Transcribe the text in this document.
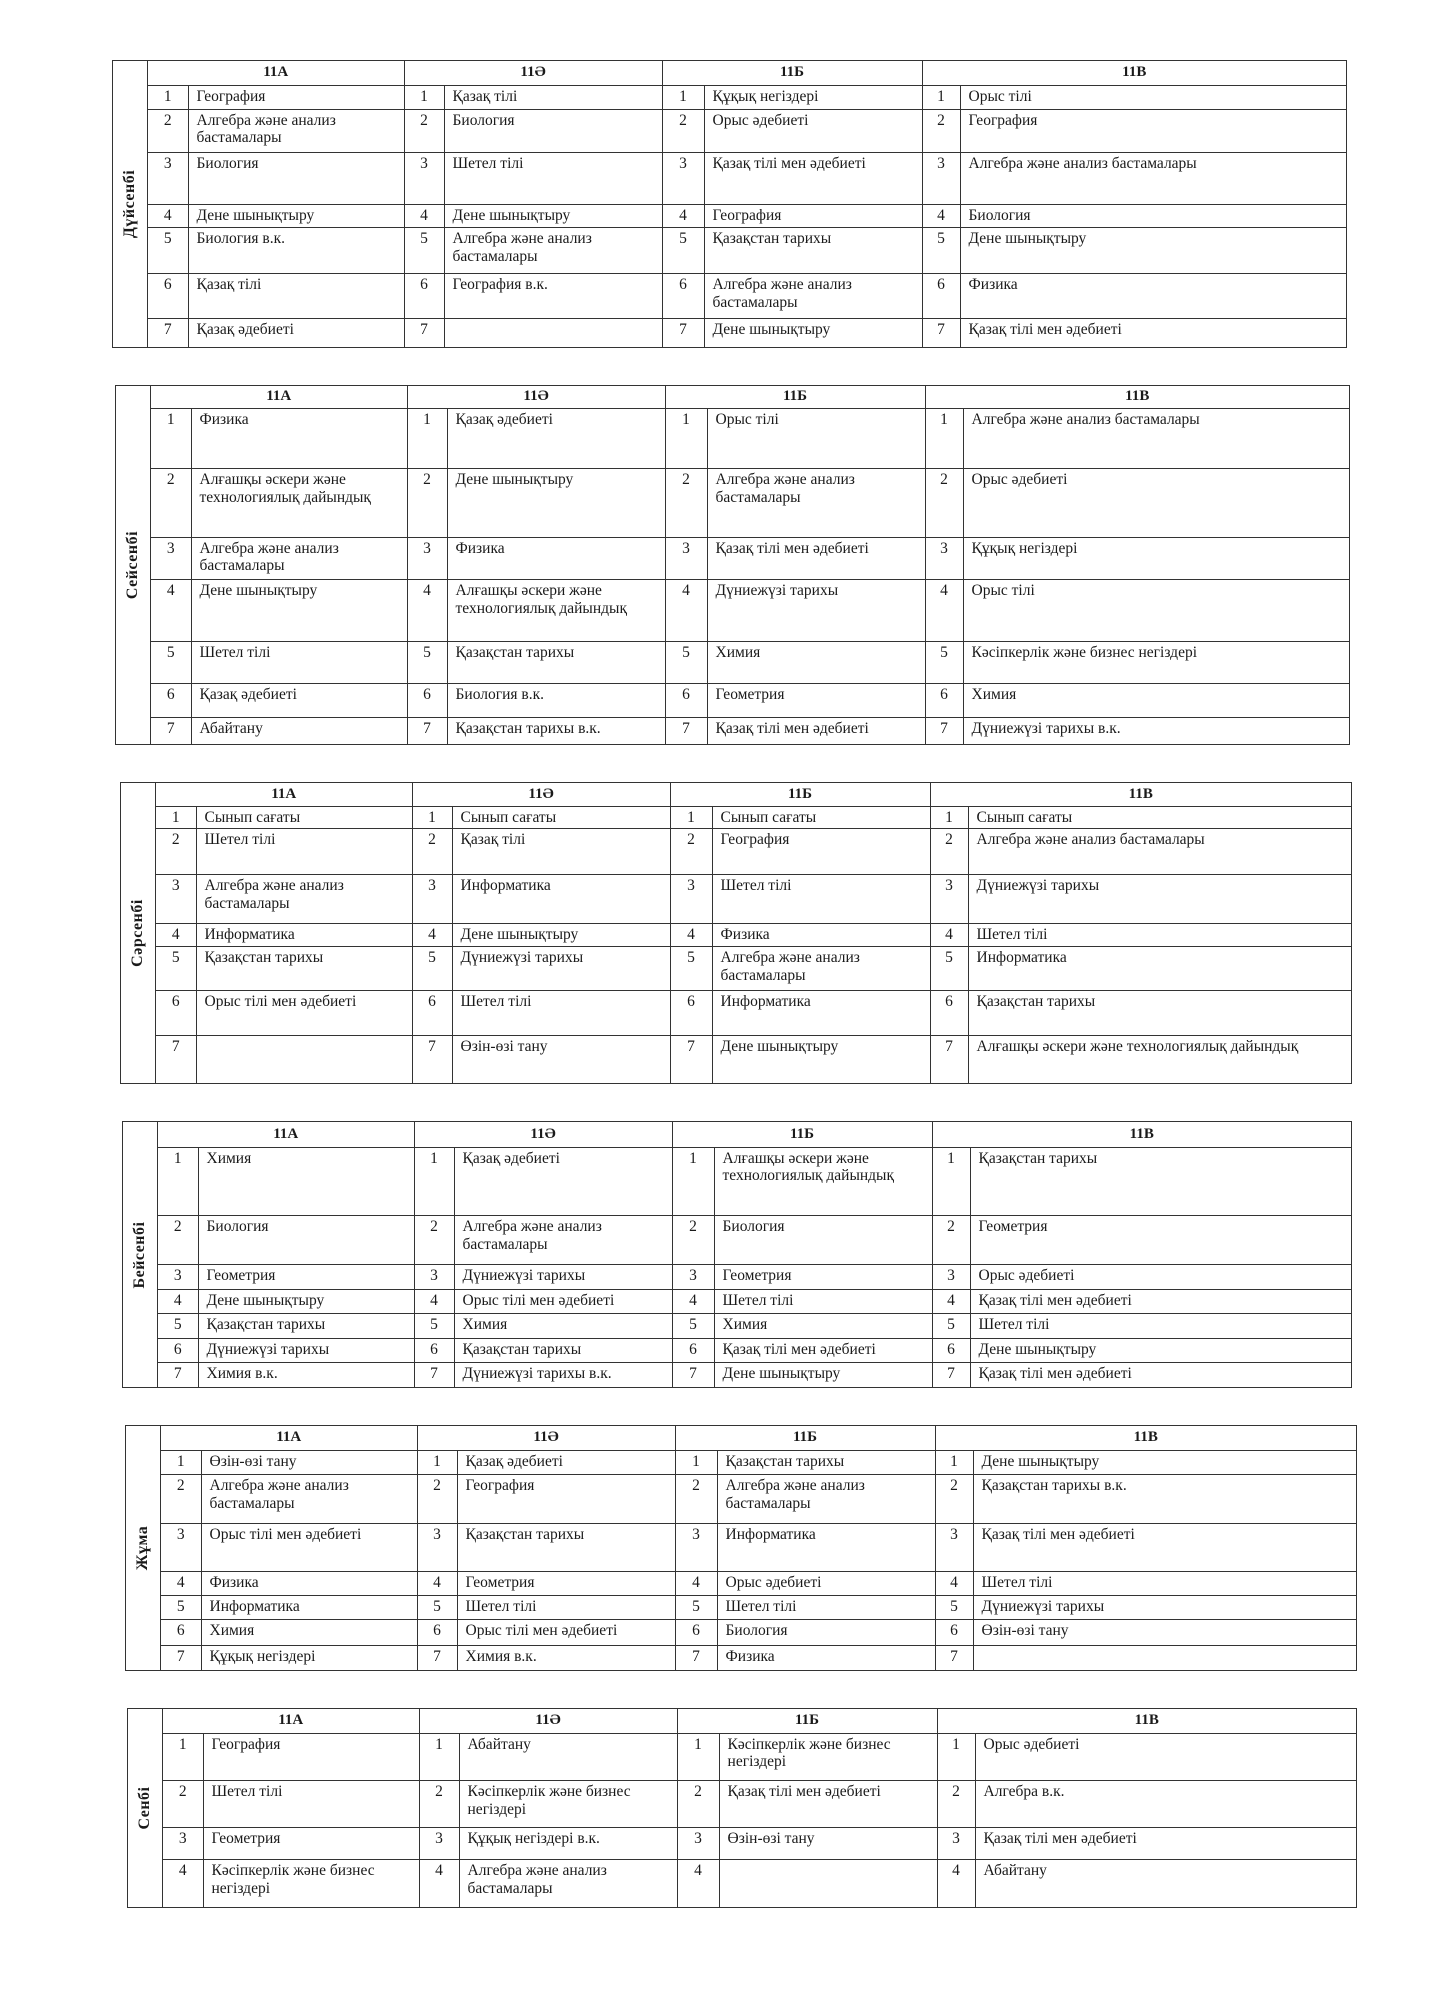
Дүйсенбі
11А		11Ә		11Б		11В	
1	География	1	Қазақ тілі	1	Құқық негіздері	1	Орыс тілі
2	Алгебра және анализ бастамалары	2	Биология	2	Орыс әдебиеті	2	География
3	Биология	3	Шетел тілі	3	Қазақ тілі мен әдебиеті	3	Алгебра және анализ бастамалары
4	Дене шынықтыру	4	Дене шынықтыру	4	География	4	Биология
5	Биология в.к.	5	Алгебра және анализ бастамалары	5	Қазақстан тарихы	5	Дене шынықтыру
6	Қазақ тілі	6	География в.к.	6	Алгебра және анализ бастамалары	6	Физика
7	Қазақ әдебиеті	7		7	Дене шынықтыру	7	Қазақ тілі мен әдебиеті
Сейсенбі
11А		11Ә		11Б		11В	
1	Физика	1	Қазақ әдебиеті	1	Орыс тілі	1	Алгебра және анализ бастамалары
2	Алғашқы әскери және технологиялық дайындық	2	Дене шынықтыру	2	Алгебра және анализ бастамалары	2	Орыс әдебиеті
3	Алгебра және анализ бастамалары	3	Физика	3	Қазақ тілі мен әдебиеті	3	Құқық негіздері
4	Дене шынықтыру	4	Алғашқы әскери және технологиялық дайындық	4	Дүниежүзі тарихы	4	Орыс тілі
5	Шетел тілі	5	Қазақстан тарихы	5	Химия	5	Кәсіпкерлік және бизнес негіздері
6	Қазақ әдебиеті	6	Биология в.к.	6	Геометрия	6	Химия
7	Абайтану	7	Қазақстан тарихы в.к.	7	Қазақ тілі мен әдебиеті	7	Дүниежүзі тарихы в.к.
Сәрсенбі
11А		11Ә		11Б		11В	
1	Сынып сағаты	1	Сынып сағаты	1	Сынып сағаты	1	Сынып сағаты
2	Шетел тілі	2	Қазақ тілі	2	География	2	Алгебра және анализ бастамалары
3	Алгебра және анализ бастамалары	3	Информатика	3	Шетел тілі	3	Дүниежүзі тарихы
4	Информатика	4	Дене шынықтыру	4	Физика	4	Шетел тілі
5	Қазақстан тарихы	5	Дүниежүзі тарихы	5	Алгебра және анализ бастамалары	5	Информатика
6	Орыс тілі мен әдебиеті	6	Шетел тілі	6	Информатика	6	Қазақстан тарихы
7		7	Өзін-өзі тану	7	Дене шынықтыру	7	Алғашқы әскери және технологиялық дайындық
Бейсенбі
11А		11Ә		11Б		11В	
1	Химия	1	Қазақ әдебиеті	1	Алғашқы әскери және технологиялық дайындық	1	Қазақстан тарихы
2	Биология	2	Алгебра және анализ бастамалары	2	Биология	2	Геометрия
3	Геометрия	3	Дүниежүзі тарихы	3	Геометрия	3	Орыс әдебиеті
4	Дене шынықтыру	4	Орыс тілі мен әдебиеті	4	Шетел тілі	4	Қазақ тілі мен әдебиеті
5	Қазақстан тарихы	5	Химия	5	Химия	5	Шетел тілі
6	Дүниежүзі тарихы	6	Қазақстан тарихы	6	Қазақ тілі мен әдебиеті	6	Дене шынықтыру
7	Химия в.к.	7	Дүниежүзі тарихы в.к.	7	Дене шынықтыру	7	Қазақ тілі мен әдебиеті
Жұма
11А		11Ә		11Б		11В	
1	Өзін-өзі тану	1	Қазақ әдебиеті	1	Қазақстан тарихы	1	Дене шынықтыру
2	Алгебра және анализ бастамалары	2	География	2	Алгебра және анализ бастамалары	2	Қазақстан тарихы в.к.
3	Орыс тілі мен әдебиеті	3	Қазақстан тарихы	3	Информатика	3	Қазақ тілі мен әдебиеті
4	Физика	4	Геометрия	4	Орыс әдебиеті	4	Шетел тілі
5	Информатика	5	Шетел тілі	5	Шетел тілі	5	Дүниежүзі тарихы
6	Химия	6	Орыс тілі мен әдебиеті	6	Биология	6	Өзін-өзі тану
7	Құқық негіздері	7	Химия в.к.	7	Физика	7	
Сенбі
11А		11Ә		11Б		11В	
1	География	1	Абайтану	1	Кәсіпкерлік және бизнес негіздері	1	Орыс әдебиеті
2	Шетел тілі	2	Кәсіпкерлік және бизнес негіздері	2	Қазақ тілі мен әдебиеті	2	Алгебра в.к.
3	Геометрия	3	Құқық негіздері в.к.	3	Өзін-өзі тану	3	Қазақ тілі мен әдебиеті
4	Кәсіпкерлік және бизнес негіздері	4	Алгебра және анализ бастамалары	4		4	Абайтану
